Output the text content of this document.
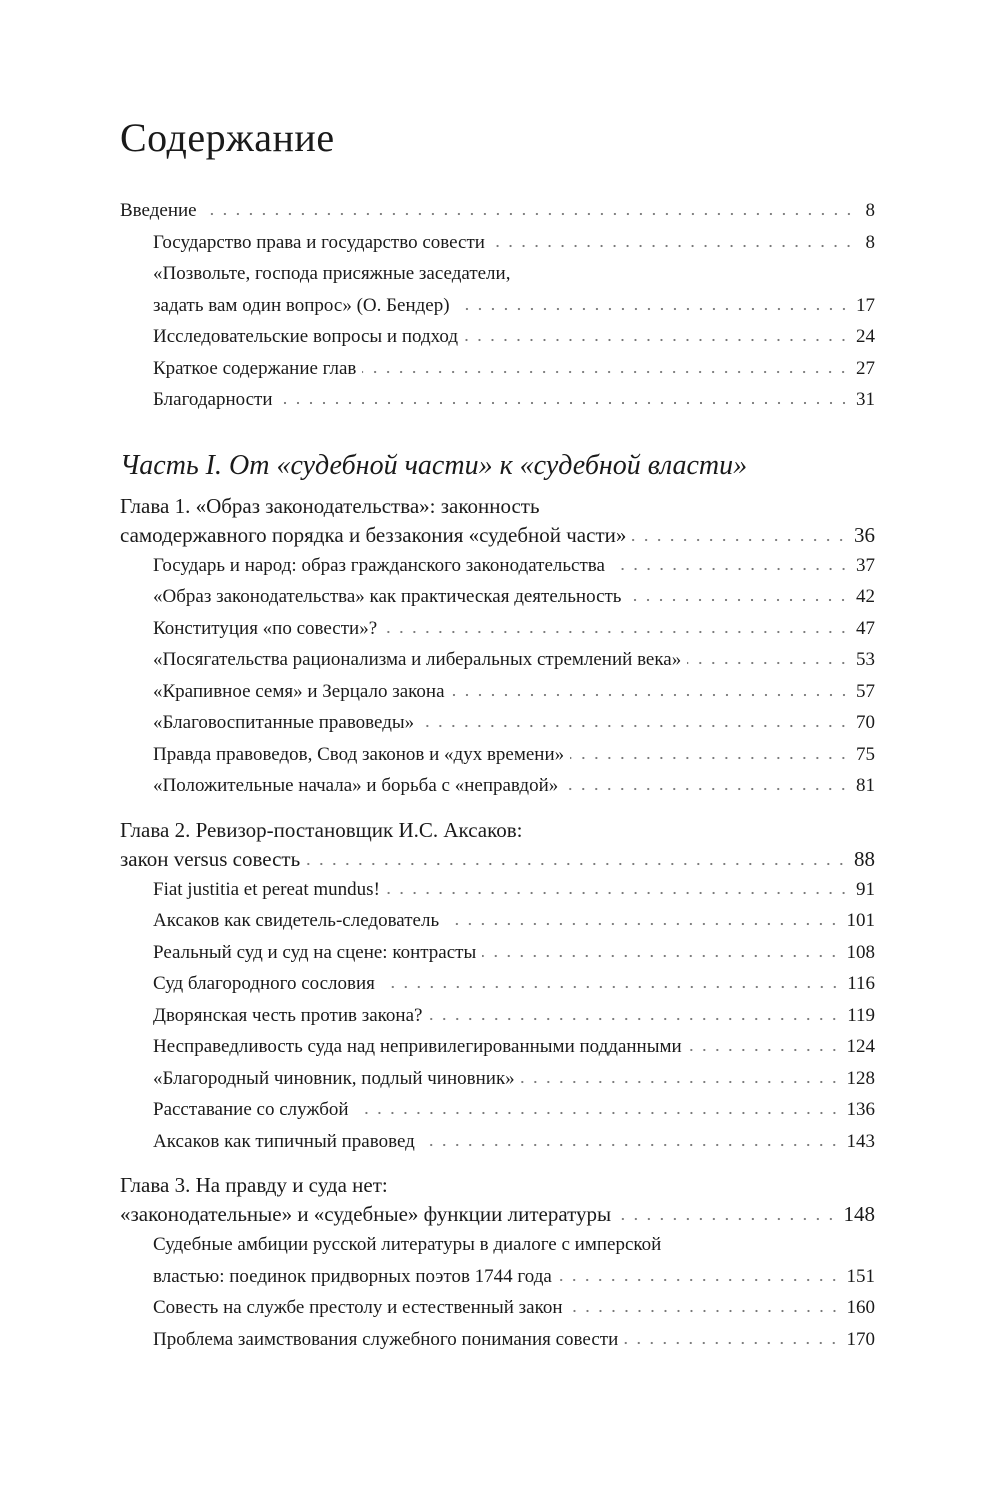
Содержание
Введение	8
Государство права и государство совести	8
«Позвольте, господа присяжные заседатели,
задать вам один вопрос» (О. Бендер)	17
Исследовательские вопросы и подход	24
Краткое содержание глав	27
Благодарности	31
Часть I. От «судебной части» к «судебной власти»
Глава 1. «Образ законодательства»: законность
самодержавного порядка и беззакония «судебной части»	36
Государь и народ: образ гражданского законодательства	37
«Образ законодательства» как практическая деятельность	42
Конституция «по совести»?	47
«Посягательства рационализма и либеральных стремлений века»	53
«Крапивное семя» и Зерцало закона	57
«Благовоспитанные правоведы»	70
Правда правоведов, Свод законов и «дух времени»	75
«Положительные начала» и борьба с «неправдой»	81
Глава 2. Ревизор-постановщик И.С. Аксаков:
закон versus совесть	88
Fiat justitia et pereat mundus!	91
Аксаков как свидетель-следователь	101
Реальный суд и суд на сцене: контрасты	108
Суд благородного сословия	116
Дворянская честь против закона?	119
Несправедливость суда над непривилегированными подданными	124
«Благородный чиновник, подлый чиновник»	128
Расставание со службой	136
Аксаков как типичный правовед	143
Глава 3. На правду и суда нет:
«законодательные» и «судебные» функции литературы	148
Судебные амбиции русской литературы в диалоге с имперской
властью: поединок придворных поэтов 1744 года	151
Совесть на службе престолу и естественный закон	160
Проблема заимствования служебного понимания совести	170
